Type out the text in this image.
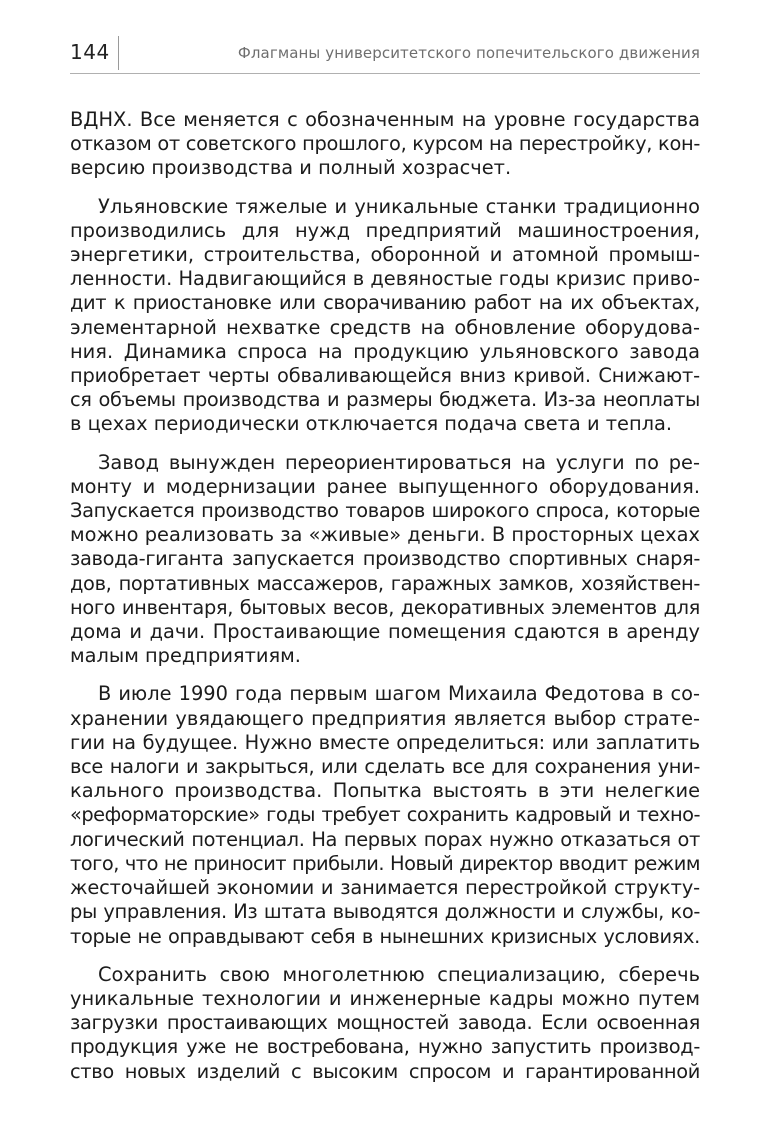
144	Флагманы университетского попечительского движения

ВДНХ. Все меняется с обозначенным на уровне государства
отказом от советского прошлого, курсом на перестройку, кон-
версию производства и полный хозрасчет.

Ульяновские тяжелые и уникальные станки традиционно
производились для нужд предприятий машиностроения,
энергетики, строительства, оборонной и атомной промыш-
ленности. Надвигающийся в девяностые годы кризис приво-
дит к приостановке или сворачиванию работ на их объектах,
элементарной нехватке средств на обновление оборудова-
ния. Динамика спроса на продукцию ульяновского завода
приобретает черты обваливающейся вниз кривой. Снижают-
ся объемы производства и размеры бюджета. Из-за неоплаты
в цехах периодически отключается подача света и тепла.

Завод вынужден переориентироваться на услуги по ре-
монту и модернизации ранее выпущенного оборудования.
Запускается производство товаров широкого спроса, которые
можно реализовать за «живые» деньги. В просторных цехах
завода-гиганта запускается производство спортивных снаря-
дов, портативных массажеров, гаражных замков, хозяйствен-
ного инвентаря, бытовых весов, декоративных элементов для
дома и дачи. Простаивающие помещения сдаются в аренду
малым предприятиям.

В июле 1990 года первым шагом Михаила Федотова в со-
хранении увядающего предприятия является выбор страте-
гии на будущее. Нужно вместе определиться: или заплатить
все налоги и закрыться, или сделать все для сохранения уни-
кального производства. Попытка выстоять в эти нелегкие
«реформаторские» годы требует сохранить кадровый и техно-
логический потенциал. На первых порах нужно отказаться от
того, что не приносит прибыли. Новый директор вводит режим
жесточайшей экономии и занимается перестройкой структу-
ры управления. Из штата выводятся должности и службы, ко-
торые не оправдывают себя в нынешних кризисных условиях.

Сохранить свою многолетнюю специализацию, сберечь
уникальные технологии и инженерные кадры можно путем
загрузки простаивающих мощностей завода. Если освоенная
продукция уже не востребована, нужно запустить производ-
ство новых изделий с высоким спросом и гарантированной
